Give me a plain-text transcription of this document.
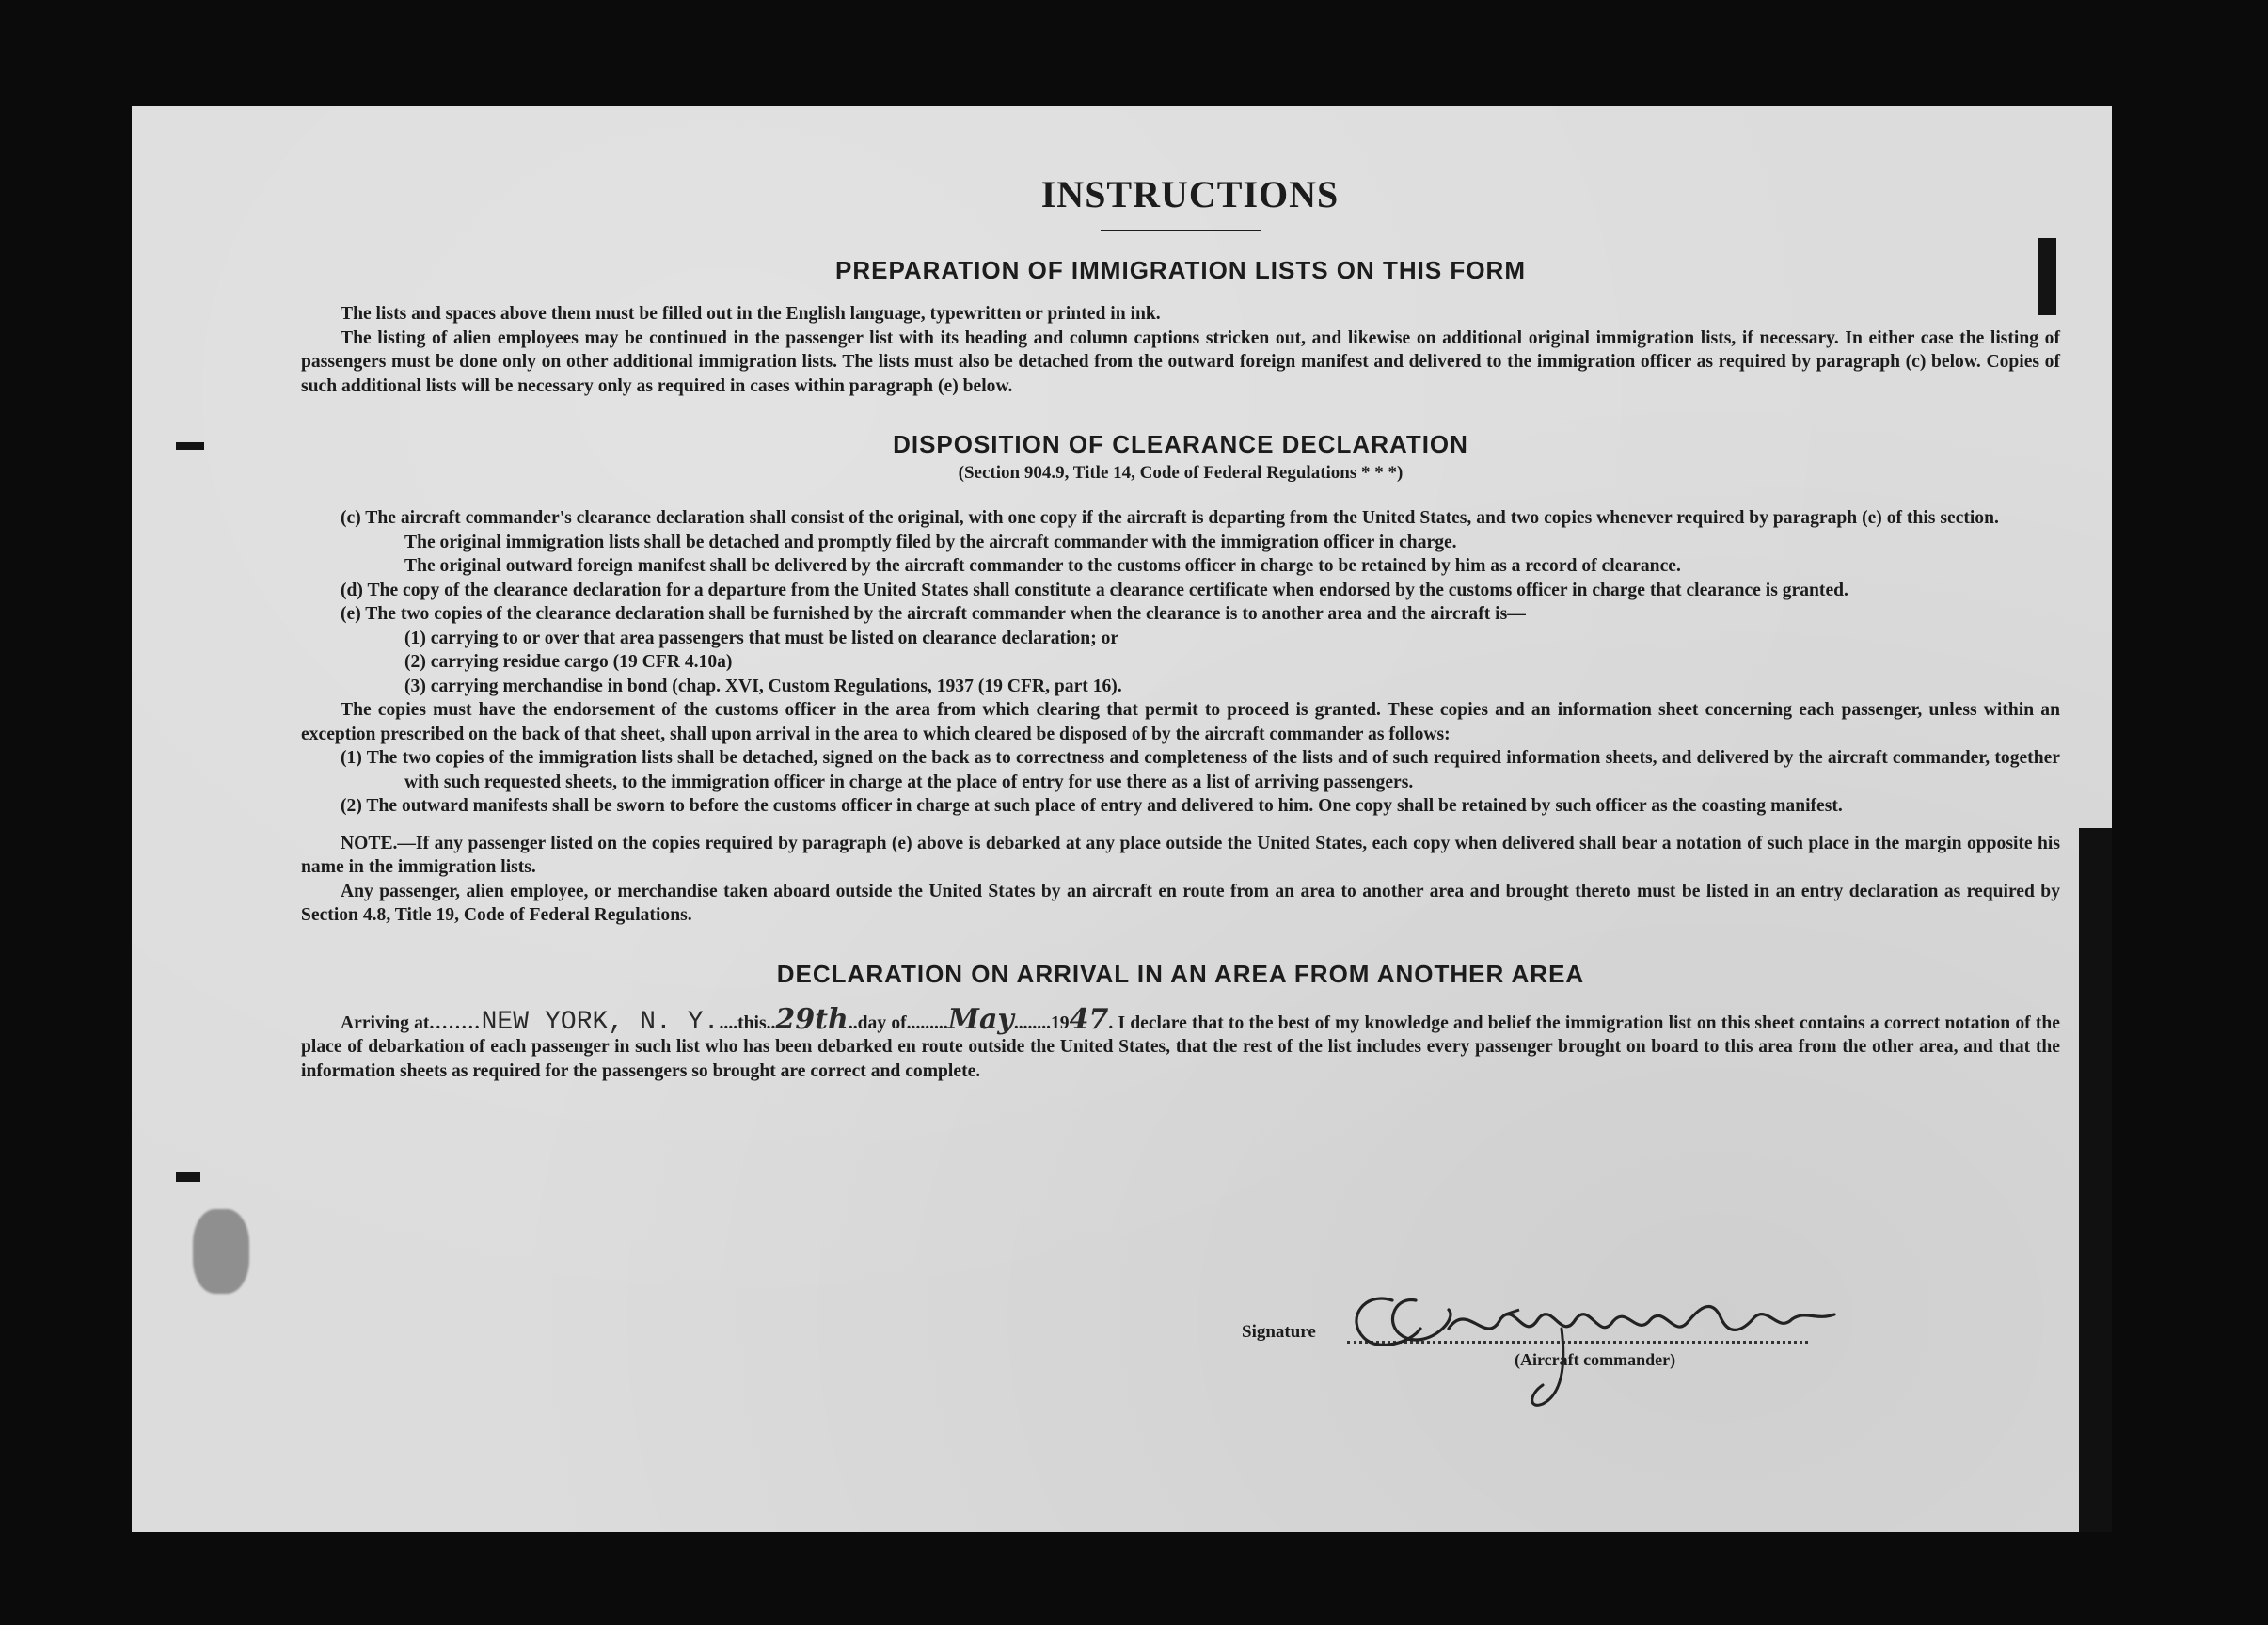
INSTRUCTIONS
PREPARATION OF IMMIGRATION LISTS ON THIS FORM

The lists and spaces above them must be filled out in the English language, typewritten or printed in ink.

The listing of alien employees may be continued in the passenger list with its heading and column captions stricken out, and likewise on additional original immigration lists, if necessary. In either case the listing of passengers must be done only on other additional immigration lists. The lists must also be detached from the outward foreign manifest and delivered to the immigration officer as required by paragraph (c) below. Copies of such additional lists will be necessary only as required in cases within paragraph (e) below.

DISPOSITION OF CLEARANCE DECLARATION
(Section 904.9, Title 14, Code of Federal Regulations * * *)

(c) The aircraft commander's clearance declaration shall consist of the original, with one copy if the aircraft is departing from the United States, and two copies whenever required by paragraph (e) of this section.

The original immigration lists shall be detached and promptly filed by the aircraft commander with the immigration officer in charge.

The original outward foreign manifest shall be delivered by the aircraft commander to the customs officer in charge to be retained by him as a record of clearance.

(d) The copy of the clearance declaration for a departure from the United States shall constitute a clearance certificate when endorsed by the customs officer in charge that clearance is granted.

(e) The two copies of the clearance declaration shall be furnished by the aircraft commander when the clearance is to another area and the aircraft is—

(1) carrying to or over that area passengers that must be listed on clearance declaration; or

(2) carrying residue cargo (19 CFR 4.10a)

(3) carrying merchandise in bond (chap. XVI, Custom Regulations, 1937 (19 CFR, part 16).

The copies must have the endorsement of the customs officer in the area from which clearing that permit to proceed is granted. These copies and an information sheet concerning each passenger, unless within an exception prescribed on the back of that sheet, shall upon arrival in the area to which cleared be disposed of by the aircraft commander as follows:

(1) The two copies of the immigration lists shall be detached, signed on the back as to correctness and completeness of the lists and of such required information sheets, and delivered by the aircraft commander, together with such requested sheets, to the immigration officer in charge at the place of entry for use there as a list of arriving passengers.

(2) The outward manifests shall be sworn to before the customs officer in charge at such place of entry and delivered to him. One copy shall be retained by such officer as the coasting manifest.

NOTE.—If any passenger listed on the copies required by paragraph (e) above is debarked at any place outside the United States, each copy when delivered shall bear a notation of such place in the margin opposite his name in the immigration lists.

Any passenger, alien employee, or merchandise taken aboard outside the United States by an aircraft en route from an area to another area and brought thereto must be listed in an entry declaration as required by Section 4.8, Title 19, Code of Federal Regulations.

DECLARATION ON ARRIVAL IN AN AREA FROM ANOTHER AREA

Arriving at........NEW YORK, N. Y.....this..29th..day of.........May........1947. I declare that to the best of my knowledge and belief the immigration list on this sheet contains a correct notation of the place of debarkation of each passenger in such list who has been debarked en route outside the United States, that the rest of the list includes every passenger brought on board to this area from the other area, and that the information sheets as required for the passengers so brought are correct and complete.

Signature
(Aircraft commander)
